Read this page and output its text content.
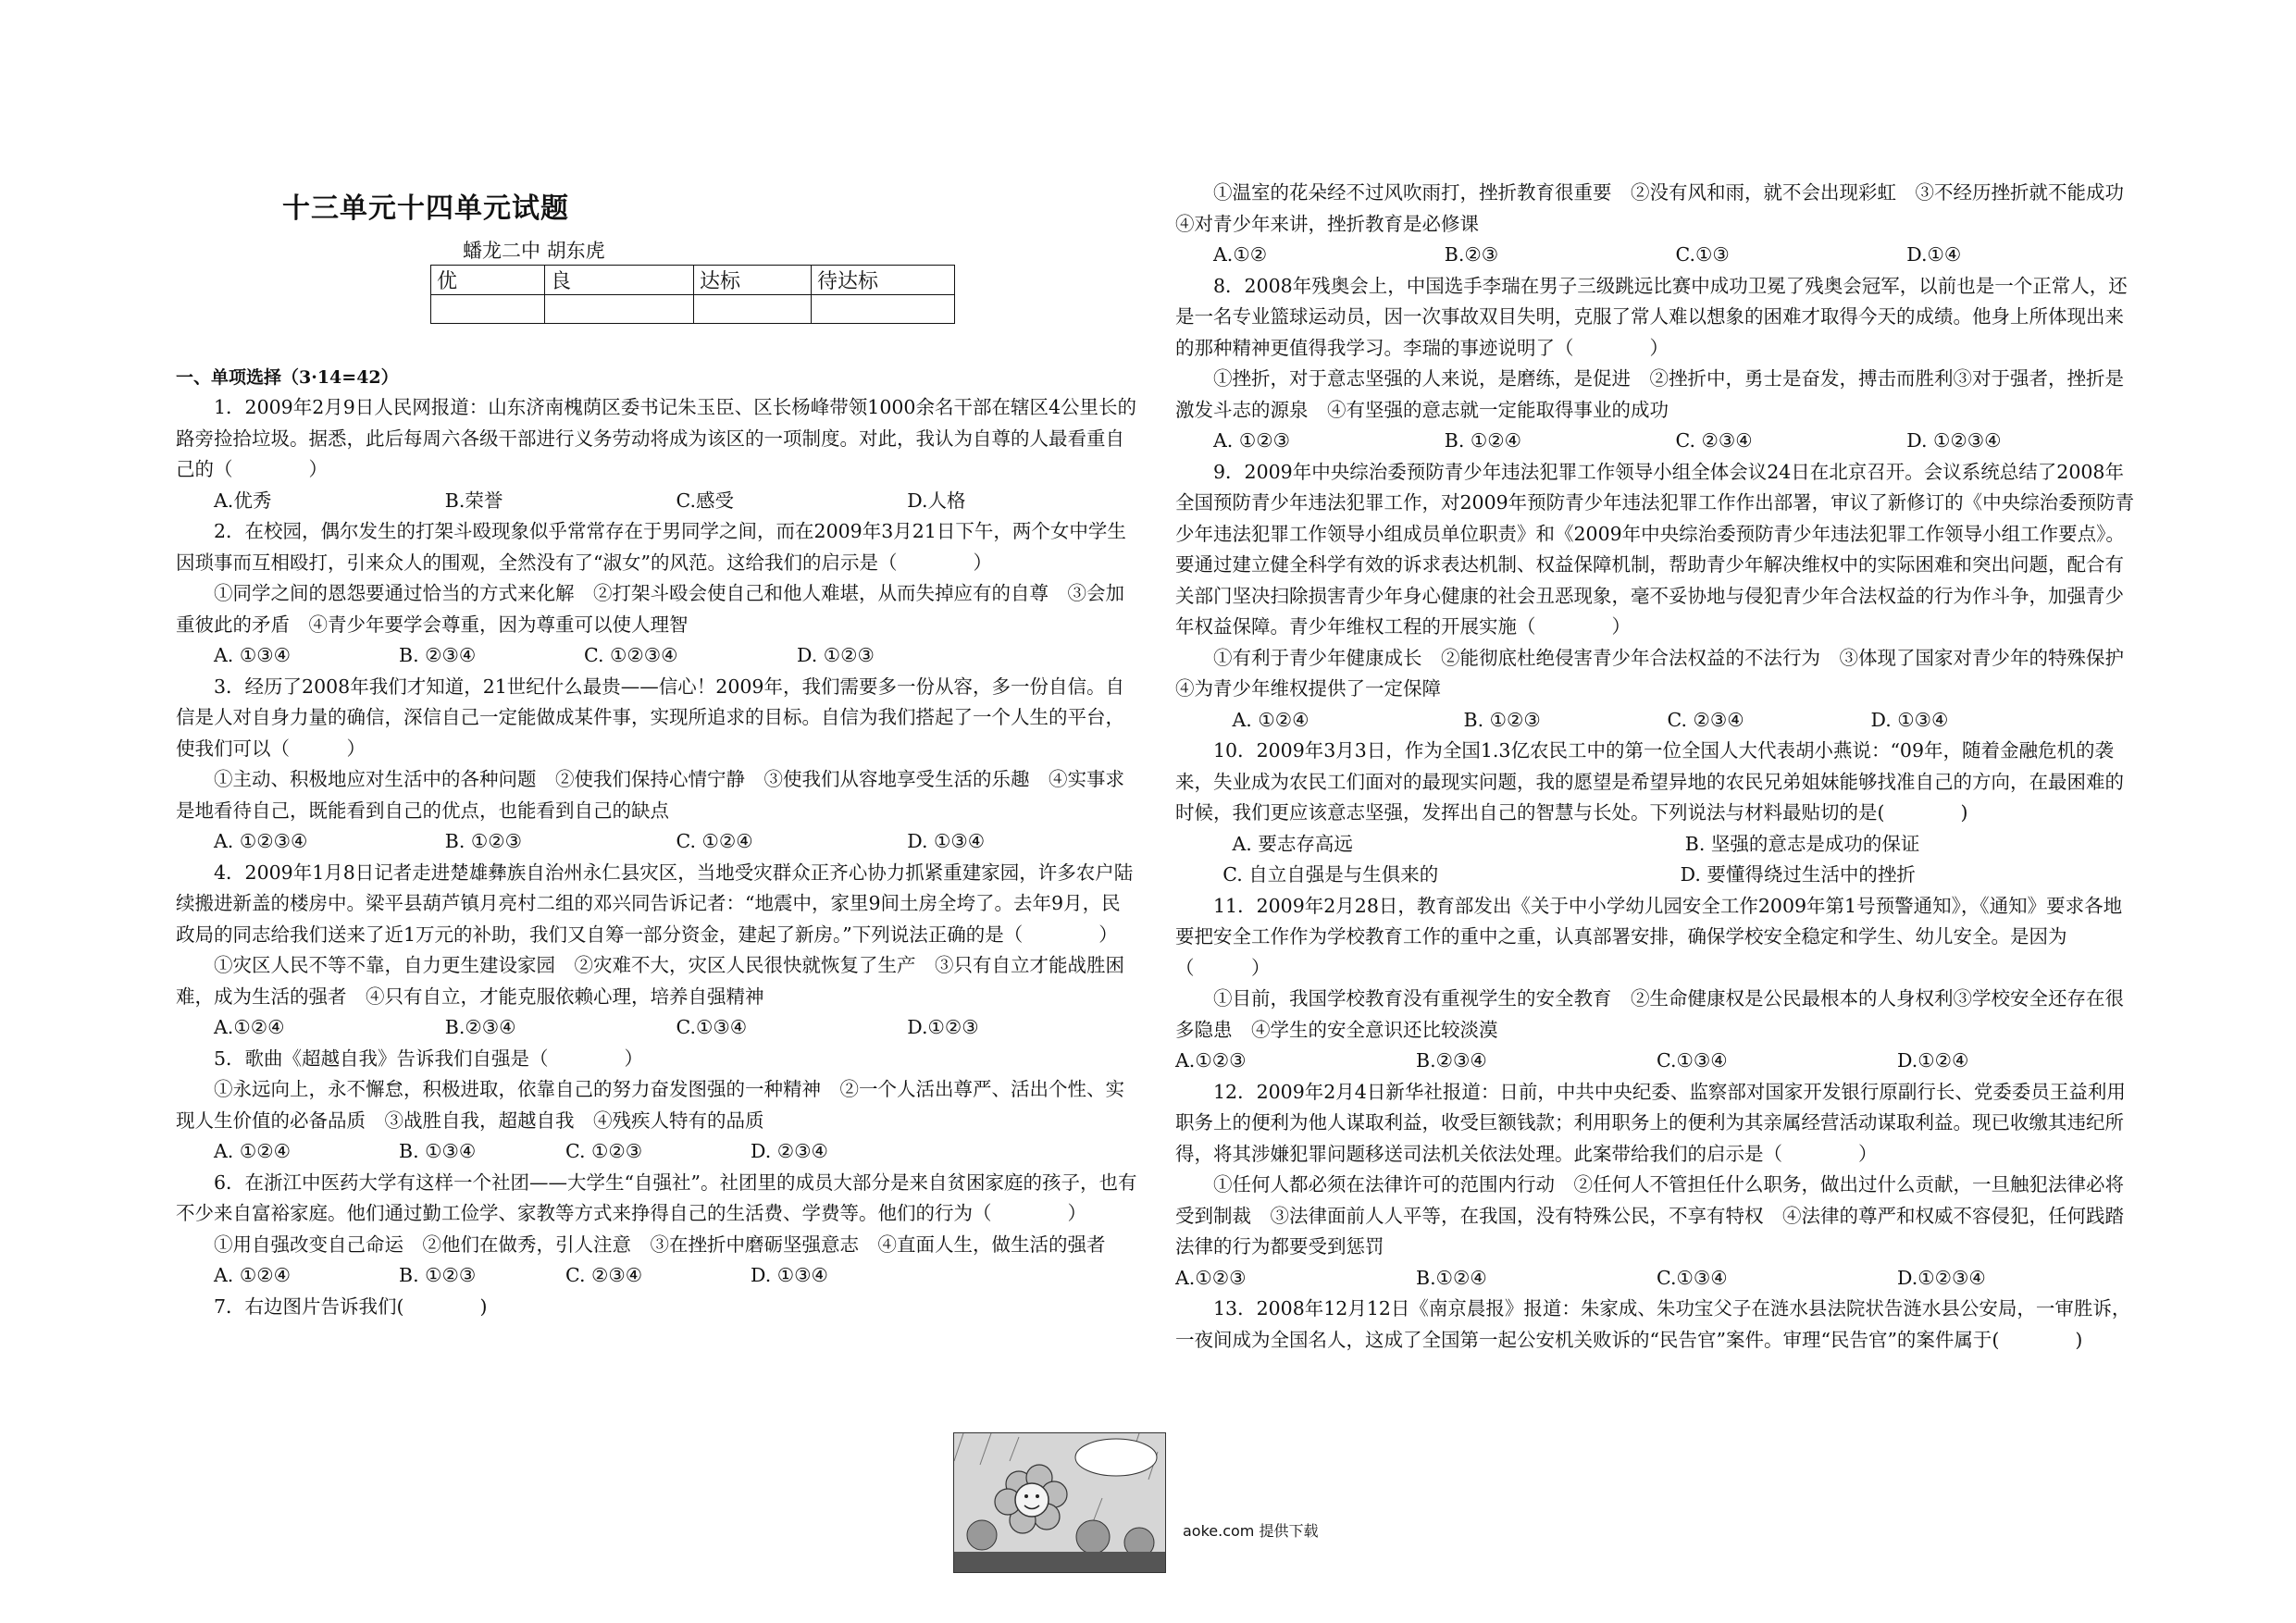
十三单元十四单元试题
蟠龙二中 胡东虎
优	良	达标	待达标

一、单项选择（3·14=42）

1．2009年2月9日人民网报道：山东济南槐荫区委书记朱玉臣、区长杨峰带领1000余名干部在辖区4公里长的路旁捡拾垃圾。据悉，此后每周六各级干部进行义务劳动将成为该区的一项制度。对此，我认为自尊的人最看重自己的（　　　　）

A.优秀	B.荣誉	C.感受	D.人格

2．在校园，偶尔发生的打架斗殴现象似乎常常存在于男同学之间，而在2009年3月21日下午，两个女中学生因琐事而互相殴打，引来众人的围观，全然没有了“淑女”的风范。这给我们的启示是（　　　　）

①同学之间的恩怨要通过恰当的方式来化解　②打架斗殴会使自己和他人难堪，从而失掉应有的自尊　③会加重彼此的矛盾　④青少年要学会尊重，因为尊重可以使人理智

A. ①③④	B. ②③④	C. ①②③④	D. ①②③

3．经历了2008年我们才知道，21世纪什么最贵——信心！2009年，我们需要多一份从容，多一份自信。自信是人对自身力量的确信，深信自己一定能做成某件事，实现所追求的目标。自信为我们搭起了一个人生的平台，使我们可以（　　　）

①主动、积极地应对生活中的各种问题　②使我们保持心情宁静　③使我们从容地享受生活的乐趣　④实事求是地看待自己，既能看到自己的优点，也能看到自己的缺点

A. ①②③④	B. ①②③	C. ①②④	D. ①③④

4．2009年1月8日记者走进楚雄彝族自治州永仁县灾区，当地受灾群众正齐心协力抓紧重建家园，许多农户陆续搬进新盖的楼房中。梁平县葫芦镇月亮村二组的邓兴同告诉记者：“地震中，家里9间土房全垮了。去年9月，民政局的同志给我们送来了近1万元的补助，我们又自筹一部分资金，建起了新房。”下列说法正确的是（　　　　）

①灾区人民不等不靠，自力更生建设家园　②灾难不大，灾区人民很快就恢复了生产　③只有自立才能战胜困难，成为生活的强者　④只有自立，才能克服依赖心理，培养自强精神

A.①②④	B.②③④	C.①③④	D.①②③

5．歌曲《超越自我》告诉我们自强是（　　　　）

①永远向上，永不懈怠，积极进取，依靠自己的努力奋发图强的一种精神　②一个人活出尊严、活出个性、实现人生价值的必备品质　③战胜自我，超越自我　④残疾人特有的品质

A. ①②④	B. ①③④	C. ①②③	D. ②③④

6．在浙江中医药大学有这样一个社团——大学生“自强社”。社团里的成员大部分是来自贫困家庭的孩子，也有不少来自富裕家庭。他们通过勤工俭学、家教等方式来挣得自己的生活费、学费等。他们的行为（　　　　）

①用自强改变自己命运　②他们在做秀，引人注意　③在挫折中磨砺坚强意志　④直面人生，做生活的强者

A. ①②④	B. ①②③	C. ②③④	D. ①③④

7．右边图片告诉我们(　　　　)

①温室的花朵经不过风吹雨打，挫折教育很重要　②没有风和雨，就不会出现彩虹　③不经历挫折就不能成功　④对青少年来讲，挫折教育是必修课

A.①②	B.②③	C.①③	D.①④

8．2008年残奥会上，中国选手李瑞在男子三级跳远比赛中成功卫冕了残奥会冠军，以前也是一个正常人，还是一名专业篮球运动员，因一次事故双目失明，克服了常人难以想象的困难才取得今天的成绩。他身上所体现出来的那种精神更值得我学习。李瑞的事迹说明了（　　　　）

①挫折，对于意志坚强的人来说，是磨练，是促进　②挫折中，勇士是奋发，搏击而胜利③对于强者，挫折是激发斗志的源泉　④有坚强的意志就一定能取得事业的成功

A. ①②③	B. ①②④	C. ②③④	D. ①②③④

9．2009年中央综治委预防青少年违法犯罪工作领导小组全体会议24日在北京召开。会议系统总结了2008年全国预防青少年违法犯罪工作，对2009年预防青少年违法犯罪工作作出部署，审议了新修订的《中央综治委预防青少年违法犯罪工作领导小组成员单位职责》和《2009年中央综治委预防青少年违法犯罪工作领导小组工作要点》。要通过建立健全科学有效的诉求表达机制、权益保障机制，帮助青少年解决维权中的实际困难和突出问题，配合有关部门坚决扫除损害青少年身心健康的社会丑恶现象，毫不妥协地与侵犯青少年合法权益的行为作斗争，加强青少年权益保障。青少年维权工程的开展实施（　　　　）

①有利于青少年健康成长　②能彻底杜绝侵害青少年合法权益的不法行为　③体现了国家对青少年的特殊保护　④为青少年维权提供了一定保障

A. ①②④	B. ①②③	C. ②③④	D. ①③④

10．2009年3月3日，作为全国1.3亿农民工中的第一位全国人大代表胡小燕说：“09年，随着金融危机的袭来，失业成为农民工们面对的最现实问题，我的愿望是希望异地的农民兄弟姐妹能够找准自己的方向，在最困难的时候，我们更应该意志坚强，发挥出自己的智慧与长处。下列说法与材料最贴切的是(　　　　)

A. 要志存高远	B. 坚强的意志是成功的保证
C. 自立自强是与生俱来的	D. 要懂得绕过生活中的挫折

11．2009年2月28日，教育部发出《关于中小学幼儿园安全工作2009年第1号预警通知》，《通知》要求各地要把安全工作作为学校教育工作的重中之重，认真部署安排，确保学校安全稳定和学生、幼儿安全。是因为（　　　）

①目前，我国学校教育没有重视学生的安全教育　②生命健康权是公民最根本的人身权利③学校安全还存在很多隐患　④学生的安全意识还比较淡漠

A.①②③	B.②③④	C.①③④	D.①②④

12．2009年2月4日新华社报道：日前，中共中央纪委、监察部对国家开发银行原副行长、党委委员王益利用职务上的便利为他人谋取利益，收受巨额钱款；利用职务上的便利为其亲属经营活动谋取利益。现已收缴其违纪所得，将其涉嫌犯罪问题移送司法机关依法处理。此案带给我们的启示是（　　　　）

①任何人都必须在法律许可的范围内行动　②任何人不管担任什么职务，做出过什么贡献，一旦触犯法律必将受到制裁　③法律面前人人平等，在我国，没有特殊公民，不享有特权　④法律的尊严和权威不容侵犯，任何践踏法律的行为都要受到惩罚

A.①②③	B.①②④	C.①③④	D.①②③④

13．2008年12月12日《南京晨报》报道：朱家成、朱功宝父子在涟水县法院状告涟水县公安局，一审胜诉，一夜间成为全国名人，这成了全国第一起公安机关败诉的“民告官”案件。审理“民告官”的案件属于(　　　　)

aoke.com 提供下载
